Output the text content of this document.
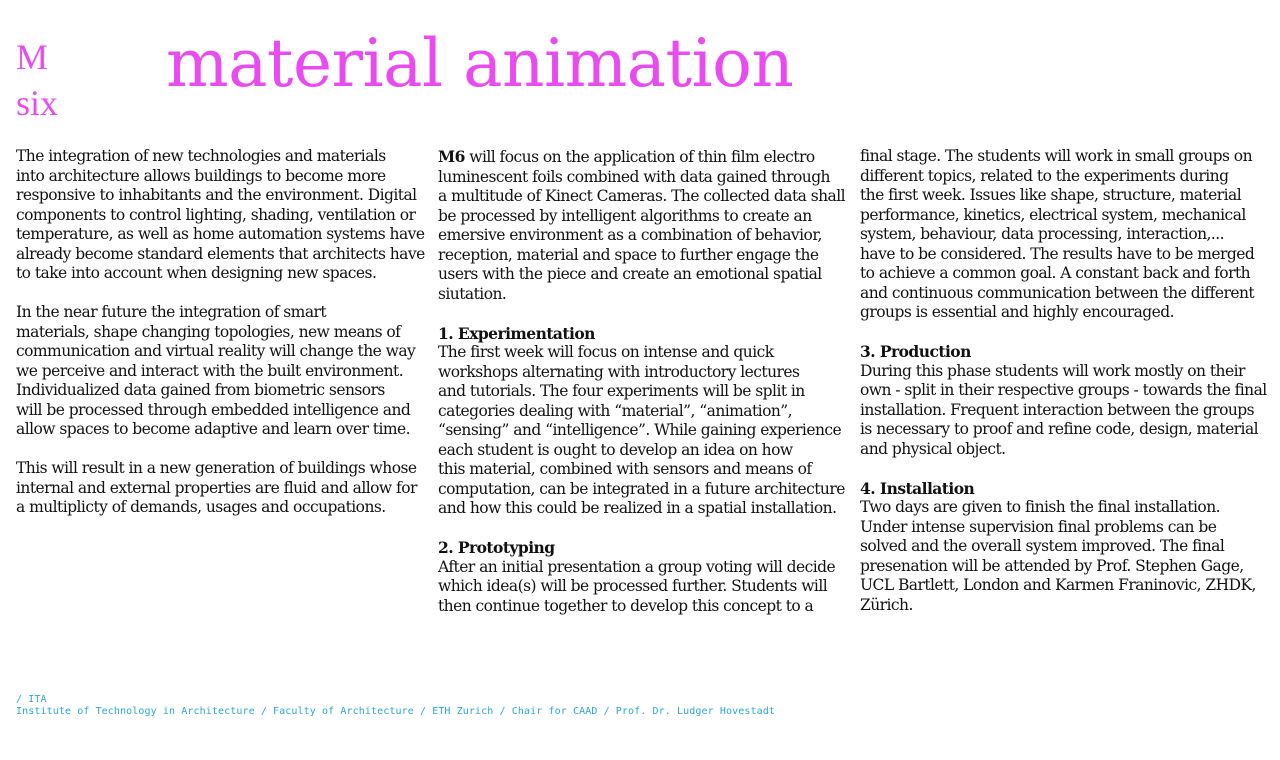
M
six
material animation

The integration of new technologies and materials
into architecture allows buildings to become more
responsive to inhabitants and the environment. Digital
components to control lighting, shading, ventilation or
temperature, as well as home automation systems have
already become standard elements that architects have
to take into account when designing new spaces.

In the near future the integration of smart
materials, shape changing topologies, new means of
communication and virtual reality will change the way
we perceive and interact with the built environment.
Individualized data gained from biometric sensors
will be processed through embedded intelligence and
allow spaces to become adaptive and learn over time.

This will result in a new generation of buildings whose
internal and external properties are fluid and allow for
a multiplicty of demands, usages and occupations.

M6 will focus on the application of thin film electro
luminescent foils combined with data gained through
a multitude of Kinect Cameras. The collected data shall
be processed by intelligent algorithms to create an
emersive environment as a combination of behavior,
reception, material and space to further engage the
users with the piece and create an emotional spatial
siutation.

1. Experimentation

The first week will focus on intense and quick
workshops alternating with introductory lectures
and tutorials. The four experiments will be split in
categories dealing with “material”, “animation”,
“sensing” and “intelligence”. While gaining experience
each student is ought to develop an idea on how
this material, combined with sensors and means of
computation, can be integrated in a future architecture
and how this could be realized in a spatial installation.

2. Prototyping

After an initial presentation a group voting will decide
which idea(s) will be processed further. Students will
then continue together to develop this concept to a

final stage. The students will work in small groups on
different topics, related to the experiments during
the first week. Issues like shape, structure, material
performance, kinetics, electrical system, mechanical
system, behaviour, data processing, interaction,...
have to be considered. The results have to be merged
to achieve a common goal. A constant back and forth
and continuous communication between the different
groups is essential and highly encouraged.

3. Production

During this phase students will work mostly on their
own - split in their respective groups - towards the final
installation. Frequent interaction between the groups
is necessary to proof and refine code, design, material
and physical object.

4. Installation

Two days are given to finish the final installation.
Under intense supervision final problems can be
solved and the overall system improved. The final
presenation will be attended by Prof. Stephen Gage,
UCL Bartlett, London and Karmen Franinovic, ZHDK,
Zürich.

/ ITA
Institute of Technology in Architecture / Faculty of Architecture / ETH Zurich / Chair for CAAD / Prof. Dr. Ludger Hovestadt
